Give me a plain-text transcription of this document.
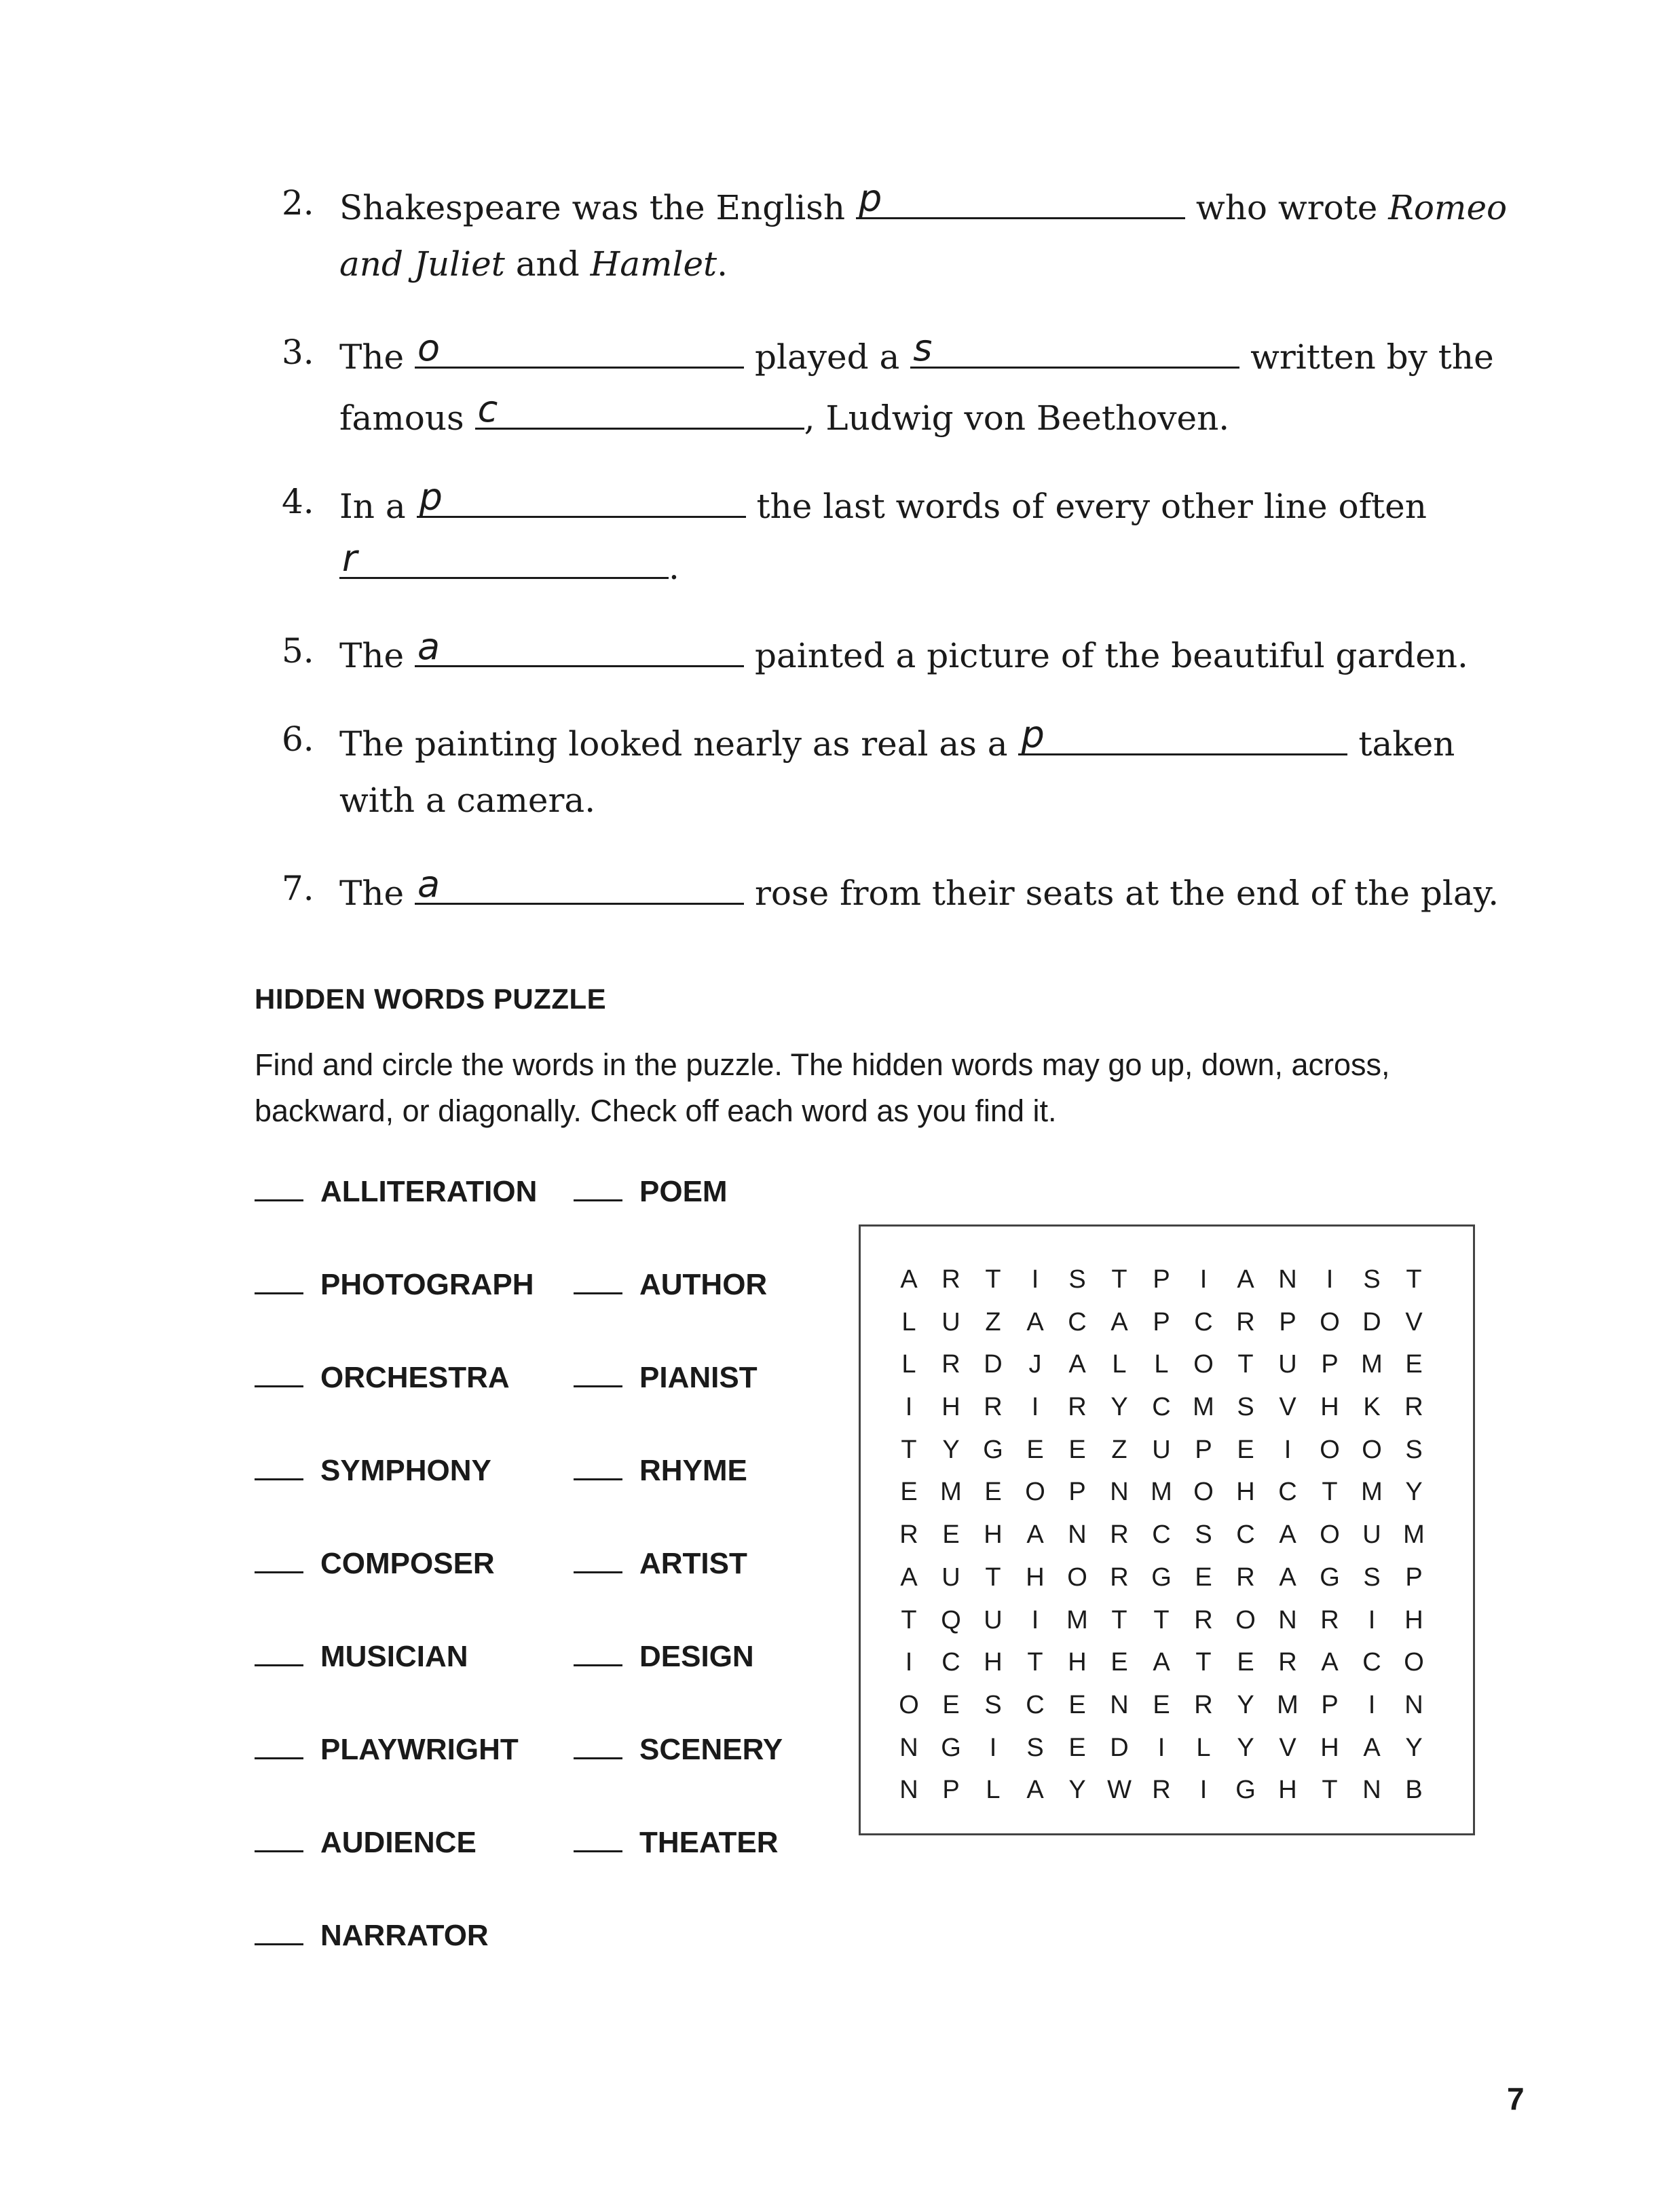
2. Shakespeare was the English p	who wrote Romeo
and Juliet and Hamlet.
3. The o	played a s	written by the
famous c	, Ludwig von Beethoven.
4. In a p	the last words of every other line often
r	.
5. The a	painted a picture of the beautiful garden.
6. The painting looked nearly as real as a p	taken
with a camera.
7. The a	rose from their seats at the end of the play.
HIDDEN WORDS PUZZLE
Find and circle the words in the puzzle. The hidden words may go up, down, across,
backward, or diagonally. Check off each word as you find it.
ALLITERATION
PHOTOGRAPH
ORCHESTRA
SYMPHONY
COMPOSER
MUSICIAN
PLAYWRIGHT
AUDIENCE
NARRATOR
POEM
AUTHOR
PIANIST
RHYME
ARTIST
DESIGN
SCENERY
THEATER
A R T	I	S T P	I	A N	I	S T
L U Z A C A P C R P O D V
L R D	J	A	L	L O T U P M E
I	H R	I	R Y C M S V H K R
T Y G E E Z U P E	I	O O S
E M E O P N M O H C T M Y
R E H A N R C S C A O U M
A U T H O R G E R A G S P
T Q U	I	M T	T R O N R	I	H
I	C H T H E A T E R A C O
O E S C E N E R Y M P	I	N
N G	I	S E D	I	L	Y V H A Y
N P	L	A Y W R	I	G H T N B
7
